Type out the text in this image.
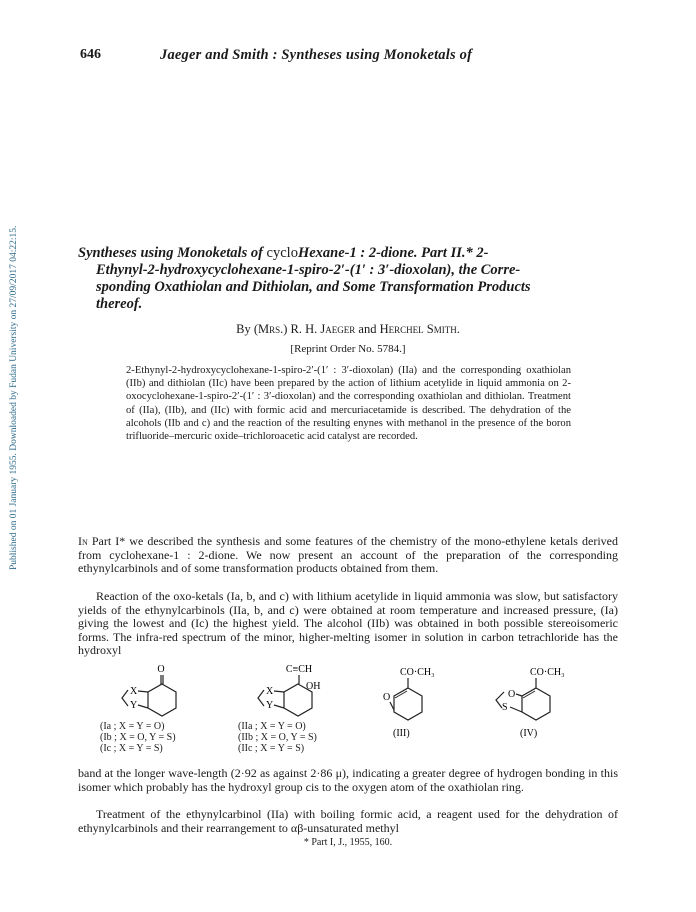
646	Jaeger and Smith : Syntheses using Monoketals of
Published on 01 January 1955. Downloaded by Fudan University on 27/09/2017 04:22:15.	Syntheses using Monoketals of cycloHexane-1 : 2-dione. Part II.* 2-
Ethynyl-2-hydroxycyclohexane-1-spiro-2′-(1′ : 3′-dioxolan), the Corre-
sponding Oxathiolan and Dithiolan, and Some Transformation Products
thereof.
By (Mrs.) R. H. Jaeger and Herchel Smith.
[Reprint Order No. 5784.]
2-Ethynyl-2-hydroxycyclohexane-1-spiro-2′-(1′ : 3′-dioxolan) (IIa) and the corresponding oxathiolan (IIb) and dithiolan (IIc) have been prepared by the action of lithium acetylide in liquid ammonia on 2-oxocyclohexane-1-spiro-2′-(1′ : 3′-dioxolan) and the corresponding oxathiolan and dithiolan. Treatment of (IIa), (IIb), and (IIc) with formic acid and mercuriacetamide is described. The dehydration of the alcohols (IIb and c) and the reaction of the resulting enynes with methanol in the presence of the boron trifluoride–mercuric oxide–trichloroacetic acid catalyst are recorded.
In Part I* we described the synthesis and some features of the chemistry of the mono-ethylene ketals derived from cyclohexane-1 : 2-dione. We now present an account of the preparation of the corresponding ethynylcarbinols and of some transformation products obtained from them.
Reaction of the oxo-ketals (Ia, b, and c) with lithium acetylide in liquid ammonia was slow, but satisfactory yields of the ethynylcarbinols (IIa, b, and c) were obtained at room temperature and increased pressure, (Ia) giving the lowest and (Ic) the highest yield. The alcohol (IIb) was obtained in both possible stereoisomeric forms. The infra-red spectrum of the minor, higher-melting isomer in solution in carbon tetrachloride has the hydroxyl
O
X
Y
C≡CH
OH
X
Y
CO·CH₃
O
(III)
CO·CH₃
O
S
(IV)
(Ia ; X = Y = O)
(Ib ; X = O, Y = S)
(Ic ; X = Y = S)
(IIa ; X = Y = O)
(IIb ; X = O, Y = S)
(IIc ; X = Y = S)
band at the longer wave-length (2·92 as against 2·86 μ), indicating a greater degree of hydrogen bonding in this isomer which probably has the hydroxyl group cis to the oxygen atom of the oxathiolan ring.
Treatment of the ethynylcarbinol (IIa) with boiling formic acid, a reagent used for the dehydration of ethynylcarbinols and their rearrangement to αβ-unsaturated methyl
* Part I, J., 1955, 160.
